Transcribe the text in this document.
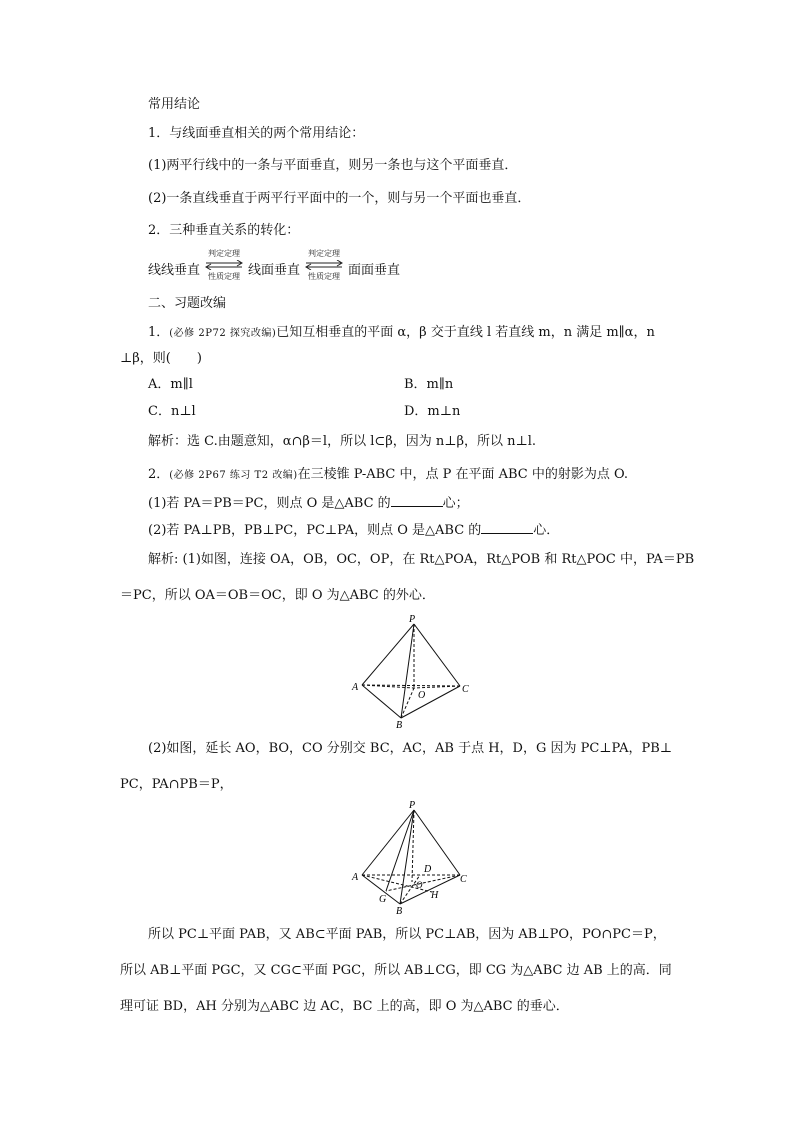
常用结论
1．与线面垂直相关的两个常用结论：
(1)两平行线中的一条与平面垂直，则另一条也与这个平面垂直．
(2)一条直线垂直于两平行平面中的一个，则与另一个平面也垂直．
2．三种垂直关系的转化：
线线垂直
判定定理
性质定理 线面垂直
判定定理
性质定理 面面垂直
二、习题改编
1．(必修 2P72 探究改编)已知互相垂直的平面 α，β 交于直线 l 若直线 m，n 满足 m∥α，n
⊥β，则(　　)
A．m∥l	B．m∥n
C．n⊥l	D．m⊥n
解析：选 C.由题意知，α∩β＝l，所以 l⊂β，因为 n⊥β，所以 n⊥l.
2．(必修 2P67 练习 T2 改编)在三棱锥 P-ABC 中，点 P 在平面 ABC 中的射影为点 O.
(1)若 PA＝PB＝PC，则点 O 是△ABC 的	心；
(2)若 PA⊥PB，PB⊥PC，PC⊥PA，则点 O 是△ABC 的	心．
解析: (1)如图，连接 OA，OB，OC，OP，在 Rt△POA，Rt△POB 和 Rt△POC 中，PA＝PB
＝PC，所以 OA＝OB＝OC，即 O 为△ABC 的外心．
P
A
B
C
O
(2)如图，延长 AO，BO，CO 分别交 BC，AC，AB 于点 H，D，G 因为 PC⊥PA，PB⊥
PC，PA∩PB＝P，
P
A
B
C
O
D
G	H
所以 PC⊥平面 PAB，又 AB⊂平面 PAB，所以 PC⊥AB，因为 AB⊥PO，PO∩PC＝P，
所以 AB⊥平面 PGC，又 CG⊂平面 PGC，所以 AB⊥CG，即 CG 为△ABC 边 AB 上的高．同
理可证 BD，AH 分别为△ABC 边 AC，BC 上的高，即 O 为△ABC 的垂心．
